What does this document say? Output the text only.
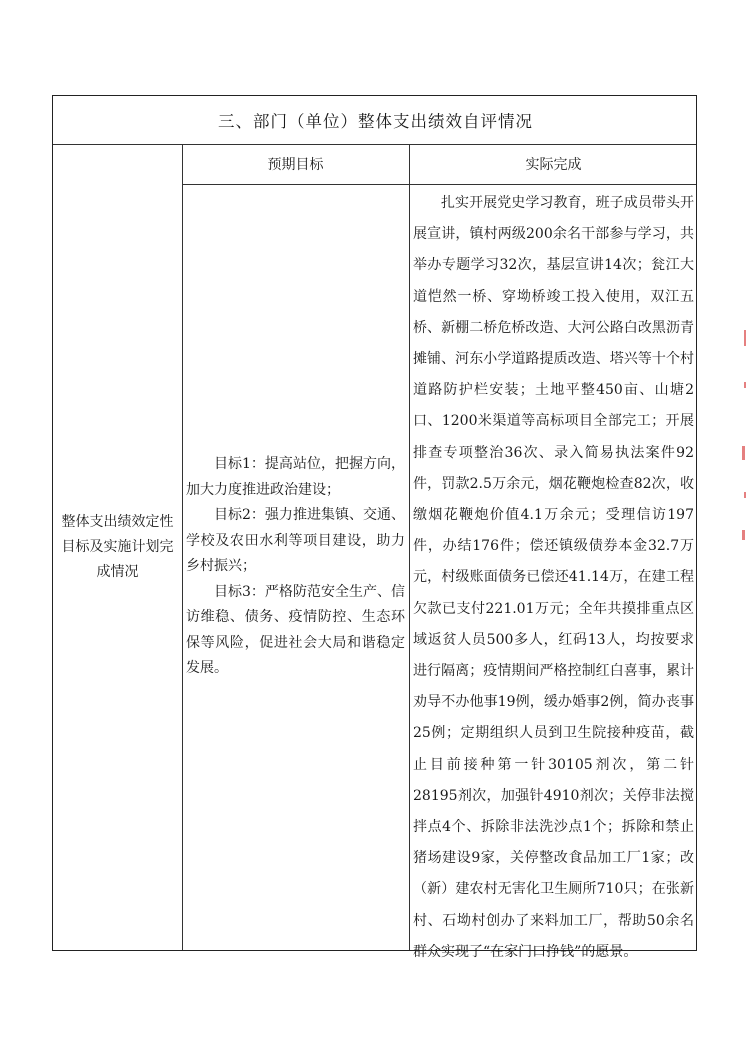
三、部门（单位）整体支出绩效自评情况
预期目标	实际完成
整体支出绩效定性目标及实施计划完成情况

目标1：提高站位，把握方向，加大力度推进政治建设；

目标2：强力推进集镇、交通、学校及农田水利等项目建设，助力乡村振兴；

目标3：严格防范安全生产、信访维稳、债务、疫情防控、生态环保等风险，促进社会大局和谐稳定发展。

扎实开展党史学习教育，班子成员带头开展宣讲，镇村两级200余名干部参与学习，共举办专题学习32次，基层宣讲14次；瓮江大道恺然一桥、穿坳桥竣工投入使用，双江五桥、新棚二桥危桥改造、大河公路白改黑沥青摊铺、河东小学道路提质改造、塔兴等十个村道路防护栏安装；土地平整450亩、山塘2口、1200米渠道等高标项目全部完工；开展排查专项整治36次、录入简易执法案件92件，罚款2.5万余元，烟花鞭炮检查82次，收缴烟花鞭炮价值4.1万余元；受理信访197件，办结176件；偿还镇级债券本金32.7万元，村级账面债务已偿还41.14万，在建工程欠款已支付221.01万元；全年共摸排重点区域返贫人员500多人，红码13人，均按要求进行隔离；疫情期间严格控制红白喜事，累计劝导不办他事19例，缓办婚事2例，简办丧事25例；定期组织人员到卫生院接种疫苗，截止目前接种第一针30105剂次，第二针28195剂次，加强针4910剂次；关停非法搅拌点4个、拆除非法洗沙点1个；拆除和禁止猪场建设9家，关停整改食品加工厂1家；改（新）建农村无害化卫生厕所710只；在张新村、石坳村创办了来料加工厂，帮助50余名群众实现了“在家门口挣钱”的愿景。
